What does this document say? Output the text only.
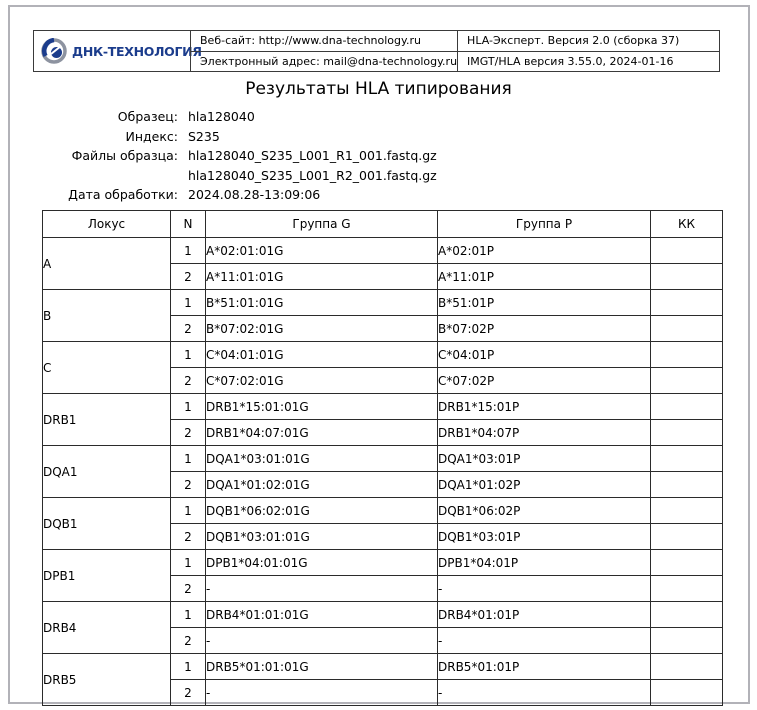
ДНК-ТЕХНОЛОГИЯ
Веб-сайт: http://www.dna-technology.ru
Электронный адрес: mail@dna-technology.ru
HLA-Эксперт. Версия 2.0 (сборка 37)
IMGT/HLA версия 3.55.0, 2024-01-16
Результаты HLA типирования
Образец: hla128040
Индекс: S235
Файлы образца: hla128040_S235_L001_R1_001.fastq.gz
hla128040_S235_L001_R2_001.fastq.gz
Дата обработки: 2024.08.28-13:09:06
Локус	N	Группа G	Группа P	КК
A	1	A*02:01:01G	A*02:01P	
	2	A*11:01:01G	A*11:01P	
B	1	B*51:01:01G	B*51:01P	
	2	B*07:02:01G	B*07:02P	
C	1	C*04:01:01G	C*04:01P	
	2	C*07:02:01G	C*07:02P	
DRB1	1	DRB1*15:01:01G	DRB1*15:01P	
	2	DRB1*04:07:01G	DRB1*04:07P	
DQA1	1	DQA1*03:01:01G	DQA1*03:01P	
	2	DQA1*01:02:01G	DQA1*01:02P	
DQB1	1	DQB1*06:02:01G	DQB1*06:02P	
	2	DQB1*03:01:01G	DQB1*03:01P	
DPB1	1	DPB1*04:01:01G	DPB1*04:01P	
	2	-	-	
DRB4	1	DRB4*01:01:01G	DRB4*01:01P	
	2	-	-	
DRB5	1	DRB5*01:01:01G	DRB5*01:01P	
	2	-	-	
